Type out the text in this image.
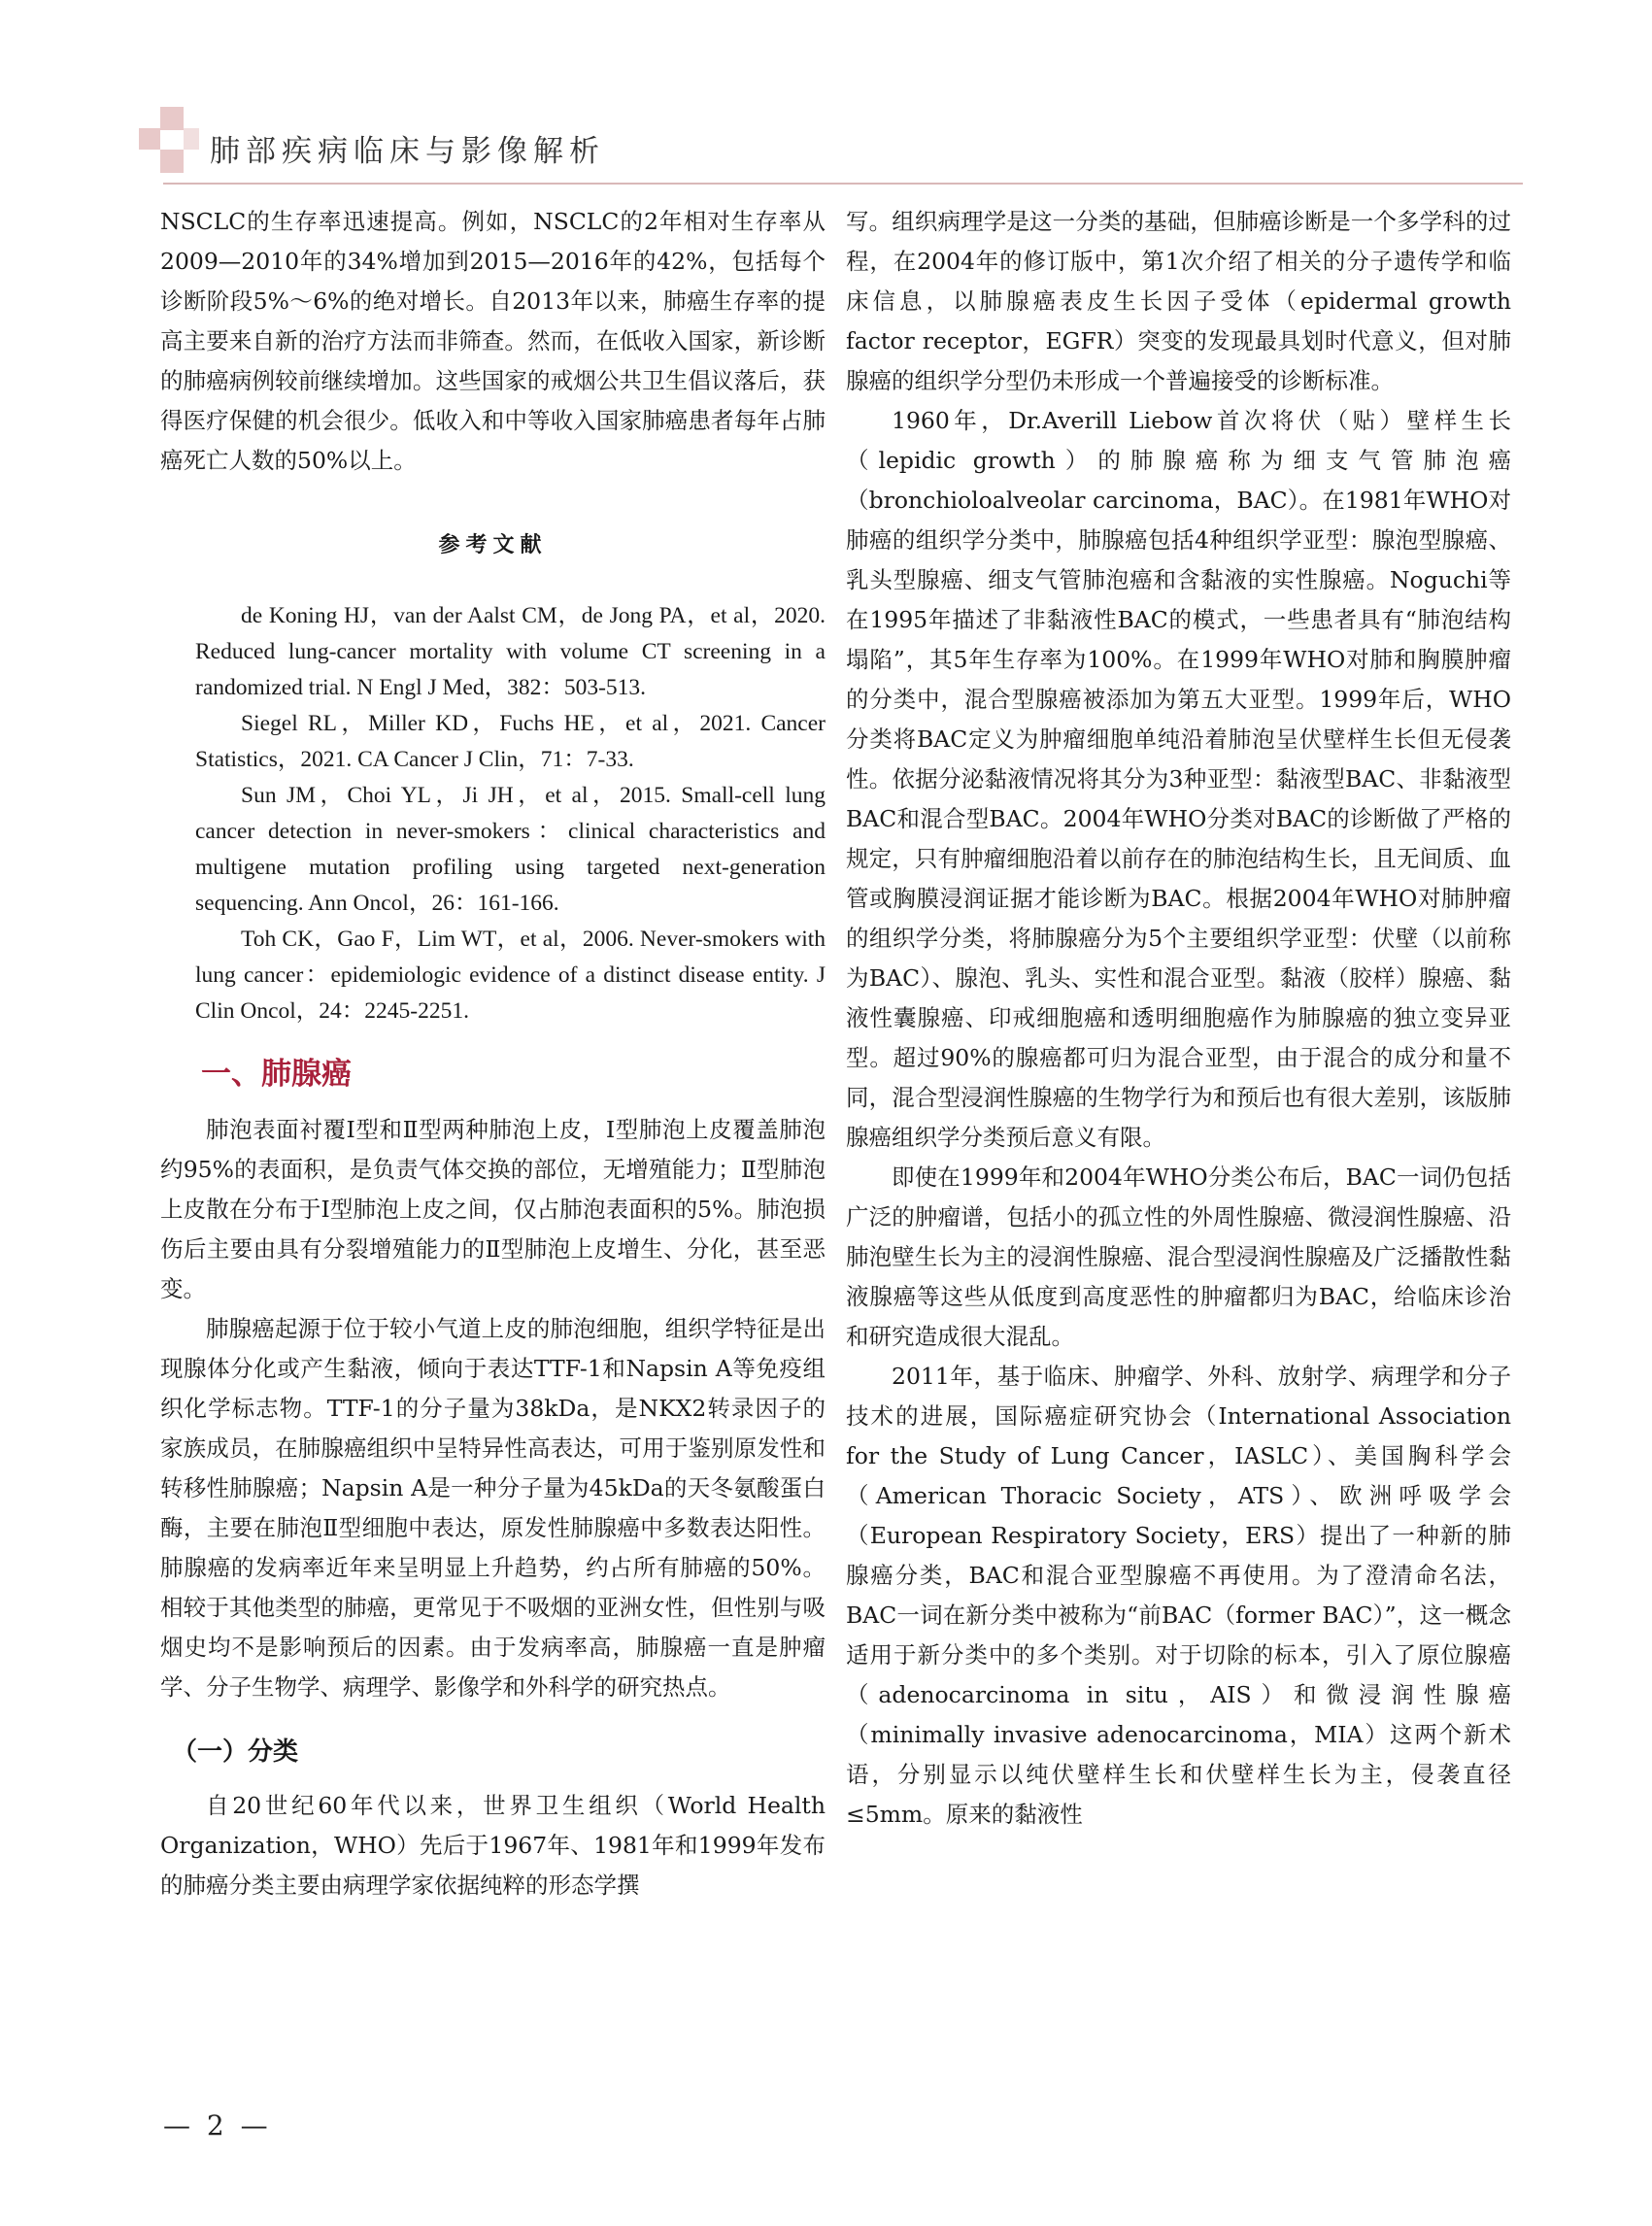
肺部疾病临床与影像解析

NSCLC的生存率迅速提高。例如，NSCLC的2年相对生存率从2009—2010年的34%增加到2015—2016年的42%，包括每个诊断阶段5%～6%的绝对增长。自2013年以来，肺癌生存率的提高主要来自新的治疗方法而非筛查。然而，在低收入国家，新诊断的肺癌病例较前继续增加。这些国家的戒烟公共卫生倡议落后，获得医疗保健的机会很少。低收入和中等收入国家肺癌患者每年占肺癌死亡人数的50%以上。

参考文献

de Koning HJ，van der Aalst CM，de Jong PA，et al，2020. Reduced lung-cancer mortality with volume CT screening in a randomized trial. N Engl J Med，382：503-513.

Siegel RL，Miller KD，Fuchs HE，et al，2021. Cancer Statistics，2021. CA Cancer J Clin，71：7-33.

Sun JM，Choi YL，Ji JH，et al，2015. Small-cell lung cancer detection in never-smokers：clinical characteristics and multigene mutation profiling using targeted next-generation sequencing. Ann Oncol，26：161-166.

Toh CK，Gao F，Lim WT，et al，2006. Never-smokers with lung cancer：epidemiologic evidence of a distinct disease entity. J Clin Oncol，24：2245-2251.

一、肺腺癌

肺泡表面衬覆Ⅰ型和Ⅱ型两种肺泡上皮，Ⅰ型肺泡上皮覆盖肺泡约95%的表面积，是负责气体交换的部位，无增殖能力；Ⅱ型肺泡上皮散在分布于Ⅰ型肺泡上皮之间，仅占肺泡表面积的5%。肺泡损伤后主要由具有分裂增殖能力的Ⅱ型肺泡上皮增生、分化，甚至恶变。

肺腺癌起源于位于较小气道上皮的肺泡细胞，组织学特征是出现腺体分化或产生黏液，倾向于表达TTF-1和Napsin A等免疫组织化学标志物。TTF-1的分子量为38kDa，是NKX2转录因子的家族成员，在肺腺癌组织中呈特异性高表达，可用于鉴别原发性和转移性肺腺癌；Napsin A是一种分子量为45kDa的天冬氨酸蛋白酶，主要在肺泡Ⅱ型细胞中表达，原发性肺腺癌中多数表达阳性。肺腺癌的发病率近年来呈明显上升趋势，约占所有肺癌的50%。相较于其他类型的肺癌，更常见于不吸烟的亚洲女性，但性别与吸烟史均不是影响预后的因素。由于发病率高，肺腺癌一直是肿瘤学、分子生物学、病理学、影像学和外科学的研究热点。

（一）分类

自20世纪60年代以来，世界卫生组织（World Health Organization，WHO）先后于1967年、1981年和1999年发布的肺癌分类主要由病理学家依据纯粹的形态学撰

写。组织病理学是这一分类的基础，但肺癌诊断是一个多学科的过程，在2004年的修订版中，第1次介绍了相关的分子遗传学和临床信息，以肺腺癌表皮生长因子受体（epidermal growth factor receptor，EGFR）突变的发现最具划时代意义，但对肺腺癌的组织学分型仍未形成一个普遍接受的诊断标准。

1960年，Dr.Averill Liebow首次将伏（贴）壁样生长（lepidic growth）的肺腺癌称为细支气管肺泡癌（bronchioloalveolar carcinoma，BAC）。在1981年WHO对肺癌的组织学分类中，肺腺癌包括4种组织学亚型：腺泡型腺癌、乳头型腺癌、细支气管肺泡癌和含黏液的实性腺癌。Noguchi等在1995年描述了非黏液性BAC的模式，一些患者具有“肺泡结构塌陷”，其5年生存率为100%。在1999年WHO对肺和胸膜肿瘤的分类中，混合型腺癌被添加为第五大亚型。1999年后，WHO分类将BAC定义为肿瘤细胞单纯沿着肺泡呈伏壁样生长但无侵袭性。依据分泌黏液情况将其分为3种亚型：黏液型BAC、非黏液型BAC和混合型BAC。2004年WHO分类对BAC的诊断做了严格的规定，只有肿瘤细胞沿着以前存在的肺泡结构生长，且无间质、血管或胸膜浸润证据才能诊断为BAC。根据2004年WHO对肺肿瘤的组织学分类，将肺腺癌分为5个主要组织学亚型：伏壁（以前称为BAC）、腺泡、乳头、实性和混合亚型。黏液（胶样）腺癌、黏液性囊腺癌、印戒细胞癌和透明细胞癌作为肺腺癌的独立变异亚型。超过90%的腺癌都可归为混合亚型，由于混合的成分和量不同，混合型浸润性腺癌的生物学行为和预后也有很大差别，该版肺腺癌组织学分类预后意义有限。

即使在1999年和2004年WHO分类公布后，BAC一词仍包括广泛的肿瘤谱，包括小的孤立性的外周性腺癌、微浸润性腺癌、沿肺泡壁生长为主的浸润性腺癌、混合型浸润性腺癌及广泛播散性黏液腺癌等这些从低度到高度恶性的肿瘤都归为BAC，给临床诊治和研究造成很大混乱。

2011年，基于临床、肿瘤学、外科、放射学、病理学和分子技术的进展，国际癌症研究协会（International Association for the Study of Lung Cancer，IASLC）、美国胸科学会（American Thoracic Society，ATS）、欧洲呼吸学会（European Respiratory Society，ERS）提出了一种新的肺腺癌分类，BAC和混合亚型腺癌不再使用。为了澄清命名法，BAC一词在新分类中被称为“前BAC（former BAC）”，这一概念适用于新分类中的多个类别。对于切除的标本，引入了原位腺癌（adenocarcinoma in situ，AIS）和微浸润性腺癌（minimally invasive adenocarcinoma，MIA）这两个新术语，分别显示以纯伏壁样生长和伏壁样生长为主，侵袭直径≤5mm。原来的黏液性

— 2 —
